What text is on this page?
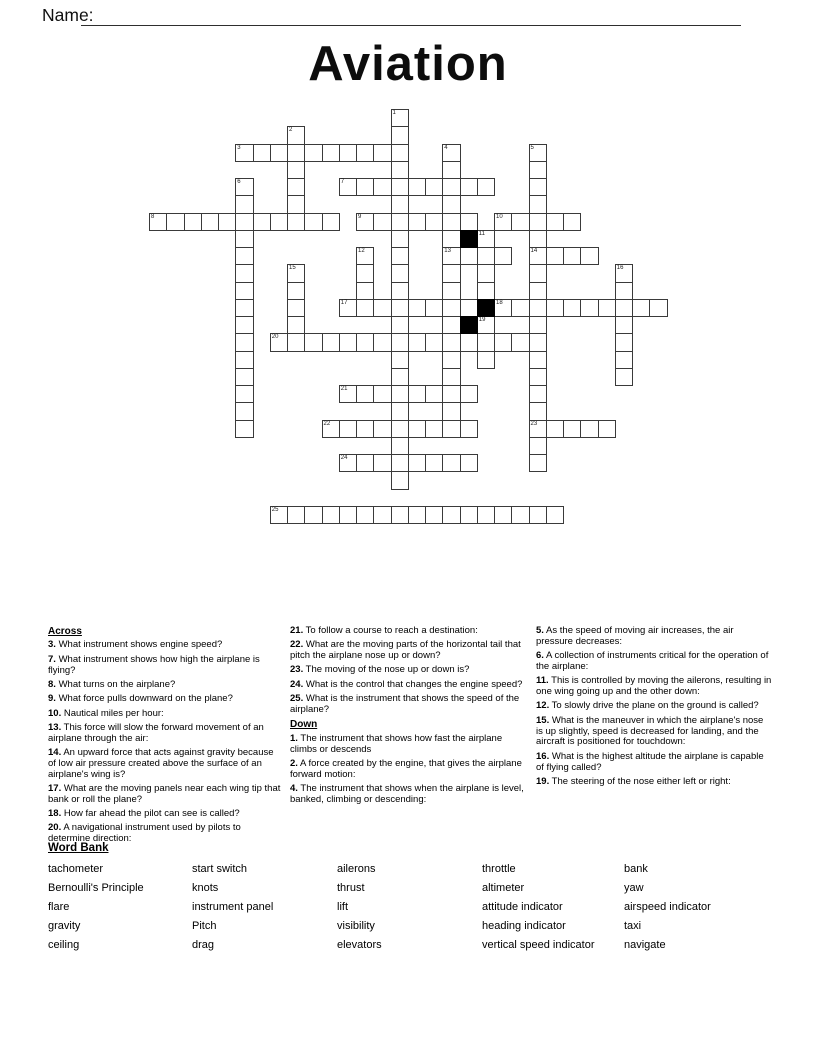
Name:
Aviation
3
7
8	9	10
13	14
17	18
20
21
22	23
24
25
1
2
4	5
6
11
12
15	16
19
Across

3. What instrument shows engine speed?

7. What instrument shows how high the airplane is flying?

8. What turns on the airplane?

9. What force pulls downward on the plane?

10. Nautical miles per hour:

13. This force will slow the forward movement of an airplane through the air:

14. An upward force that acts against gravity because of low air pressure created above the surface of an airplane's wing is?

17. What are the moving panels near each wing tip that bank or roll the plane?

18. How far ahead the pilot can see is called?

20. A navigational instrument used by pilots to determine direction:

21. To follow a course to reach a destination:

22. What are the moving parts of the horizontal tail that pitch the airplane nose up or down?

23. The moving of the nose up or down is?

24. What is the control that changes the engine speed?

25. What is the instrument that shows the speed of the airplane?

Down

1. The instrument that shows how fast the airplane climbs or descends

2. A force created by the engine, that gives the airplane forward motion:

4. The instrument that shows when the airplane is level, banked, climbing or descending:

5. As the speed of moving air increases, the air pressure decreases:

6. A collection of instruments critical for the operation of the airplane:

11. This is controlled by moving the ailerons, resulting in one wing going up and the other down:

12. To slowly drive the plane on the ground is called?

15. What is the maneuver in which the airplane's nose is up slightly, speed is decreased for landing, and the aircraft is positioned for touchdown:

16. What is the highest altitude the airplane is capable of flying called?

19. The steering of the nose either left or right:

Word Bank
tachometer	start switch	ailerons	throttle	bank
Bernoulli's Principle	knots	thrust	altimeter	yaw
flare	instrument panel	lift	attitude indicator	airspeed indicator
gravity	Pitch	visibility	heading indicator	taxi
ceiling	drag	elevators	vertical speed indicator	navigate
